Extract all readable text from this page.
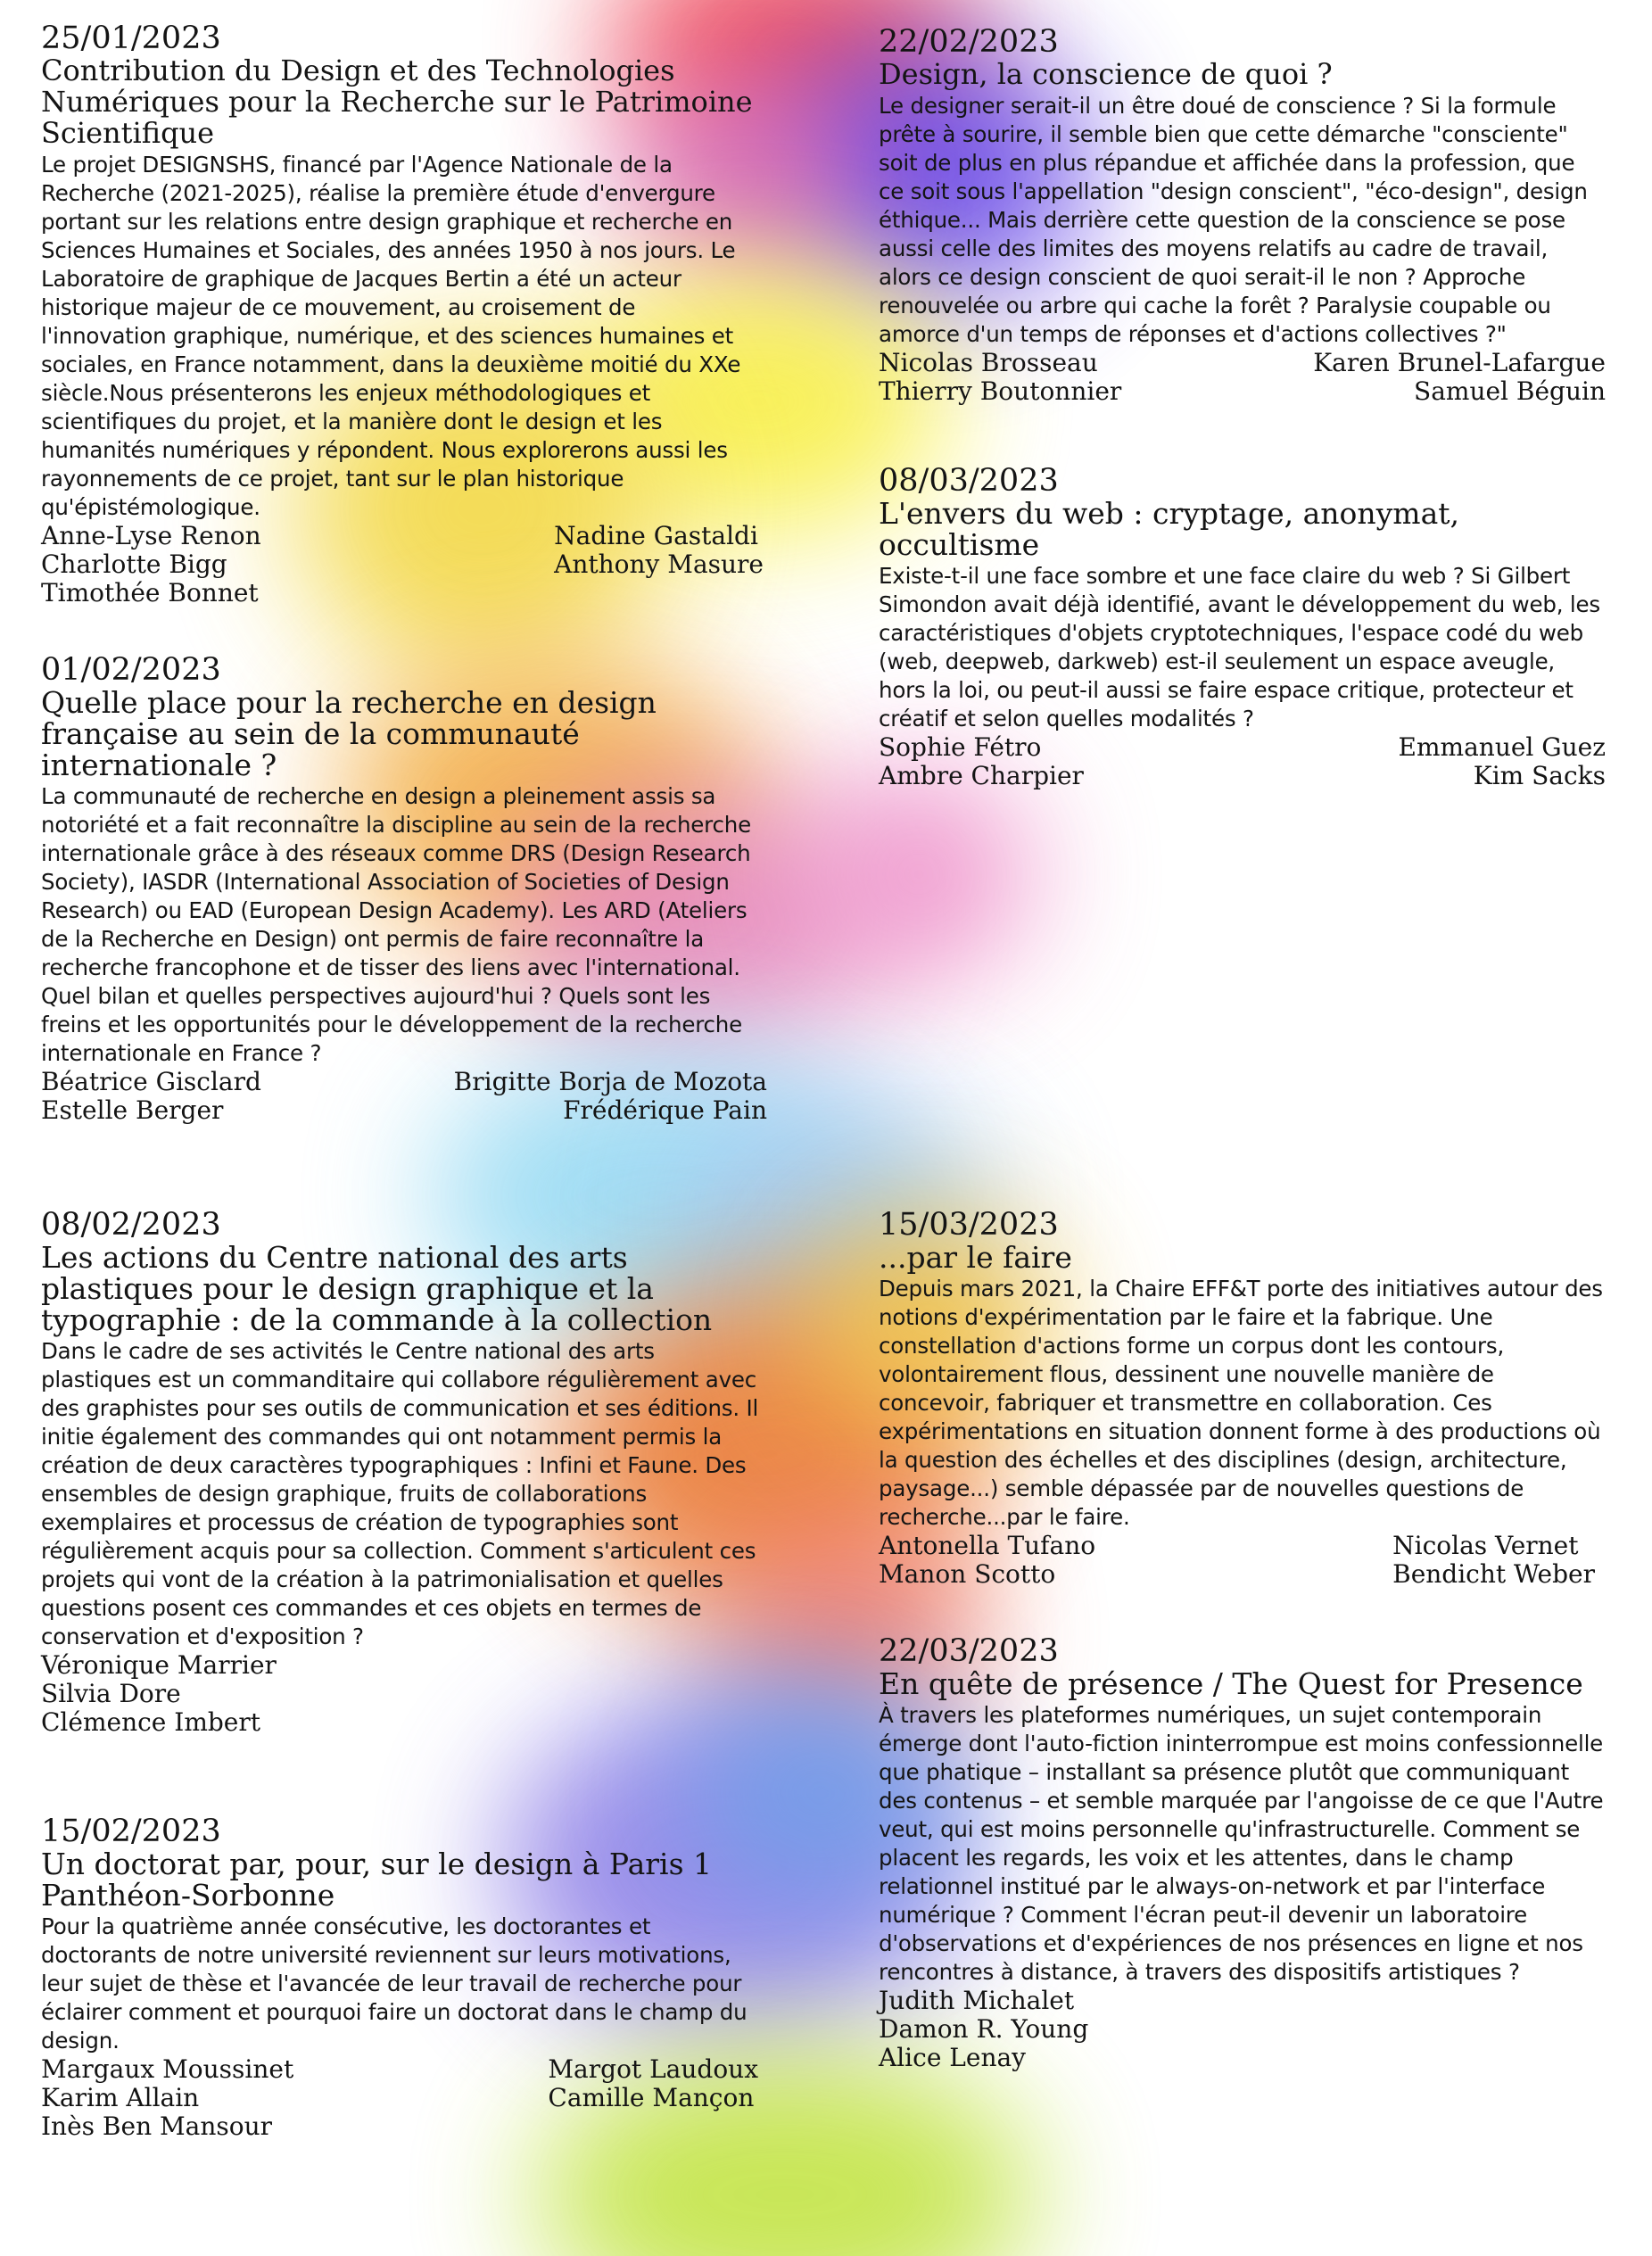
25/01/2023
Contribution du Design et des Technologies Numériques pour la Recherche sur le Patrimoine Scientifique
Le projet DESIGNSHS, financé par l'Agence Nationale de la Recherche (2021-2025), réalise la première étude d'envergure portant sur les relations entre design graphique et recherche en Sciences Humaines et Sociales, des années 1950 à nos jours. Le Laboratoire de graphique de Jacques Bertin a été un acteur historique majeur de ce mouvement, au croisement de l'innovation graphique, numérique, et des sciences humaines et sociales, en France notamment, dans la deuxième moitié du XXe siècle.Nous présenterons les enjeux méthodologiques et scientifiques du projet, et la manière dont le design et les humanités numériques y répondent. Nous explorerons aussi les rayonnements de ce projet, tant sur le plan historique qu'épistémologique.
Anne-Lyse Renon
Charlotte Bigg
Timothée Bonnet
Nadine Gastaldi
Anthony Masure
01/02/2023
Quelle place pour la recherche en design française au sein de la communauté internationale ?
La communauté de recherche en design a pleinement assis sa notoriété et a fait reconnaître la discipline au sein de la recherche internationale grâce à des réseaux comme DRS (Design Research Society), IASDR (International Association of Societies of Design Research) ou EAD (European Design Academy). Les ARD (Ateliers de la Recherche en Design) ont permis de faire reconnaître la recherche francophone et de tisser des liens avec l'international. Quel bilan et quelles perspectives aujourd'hui ? Quels sont les freins et les opportunités pour le développement de la recherche internationale en France ?
Béatrice Gisclard
Estelle Berger
Brigitte Borja de Mozota
Frédérique Pain
08/02/2023
Les actions du Centre national des arts plastiques pour le design graphique et la typographie : de la commande à la collection
Dans le cadre de ses activités le Centre national des arts plastiques est un commanditaire qui collabore régulièrement avec des graphistes pour ses outils de communication et ses éditions. Il initie également des commandes qui ont notamment permis la création de deux caractères typographiques : Infini et Faune. Des ensembles de design graphique, fruits de collaborations exemplaires et processus de création de typographies sont régulièrement acquis pour sa collection. Comment s'articulent ces projets qui vont de la création à la patrimonialisation et quelles questions posent ces commandes et ces objets en termes de conservation et d'exposition ?
Véronique Marrier
Silvia Dore
Clémence Imbert
15/02/2023
Un doctorat par, pour, sur le design à Paris 1 Panthéon-Sorbonne
Pour la quatrième année consécutive, les doctorantes et doctorants de notre université reviennent sur leurs motivations, leur sujet de thèse et l'avancée de leur travail de recherche pour éclairer comment et pourquoi faire un doctorat dans le champ du design.
Margaux Moussinet
Karim Allain
Inès Ben Mansour
Margot Laudoux
Camille Mançon
22/02/2023
Design, la conscience de quoi ?
Le designer serait-il un être doué de conscience ? Si la formule prête à sourire, il semble bien que cette démarche "consciente" soit de plus en plus répandue et affichée dans la profession, que ce soit sous l'appellation "design conscient", "éco-design", design éthique... Mais derrière cette question de la conscience se pose aussi celle des limites des moyens relatifs au cadre de travail, alors ce design conscient de quoi serait-il le non ? Approche renouvelée ou arbre qui cache la forêt ? Paralysie coupable ou amorce d'un temps de réponses et d'actions collectives ?"
Nicolas Brosseau
Thierry Boutonnier
Karen Brunel-Lafargue
Samuel Béguin
08/03/2023
L'envers du web : cryptage, anonymat, occultisme
Existe-t-il une face sombre et une face claire du web ? Si Gilbert Simondon avait déjà identifié, avant le développement du web, les caractéristiques d'objets cryptotechniques, l'espace codé du web (web, deepweb, darkweb) est-il seulement un espace aveugle, hors la loi, ou peut-il aussi se faire espace critique, protecteur et créatif et selon quelles modalités ?
Sophie Fétro
Ambre Charpier
Emmanuel Guez
Kim Sacks
15/03/2023
...par le faire
Depuis mars 2021, la Chaire EFF&T porte des initiatives autour des notions d'expérimentation par le faire et la fabrique. Une constellation d'actions forme un corpus dont les contours, volontairement flous, dessinent une nouvelle manière de concevoir, fabriquer et transmettre en collaboration. Ces expérimentations en situation donnent forme à des productions où la question des échelles et des disciplines (design, architecture, paysage...) semble dépassée par de nouvelles questions de recherche...par le faire.
Antonella Tufano
Manon Scotto
Nicolas Vernet
Bendicht Weber
22/03/2023
En quête de présence / The Quest for Presence
À travers les plateformes numériques, un sujet contemporain émerge dont l'auto-fiction ininterrompue est moins confessionnelle que phatique – installant sa présence plutôt que communiquant des contenus – et semble marquée par l'angoisse de ce que l'Autre veut, qui est moins personnelle qu'infrastructurelle. Comment se placent les regards, les voix et les attentes, dans le champ relationnel institué par le always-on-network et par l'interface numérique ? Comment l'écran peut-il devenir un laboratoire d'observations et d'expériences de nos présences en ligne et nos rencontres à distance, à travers des dispositifs artistiques ?
Judith Michalet
Damon R. Young
Alice Lenay
